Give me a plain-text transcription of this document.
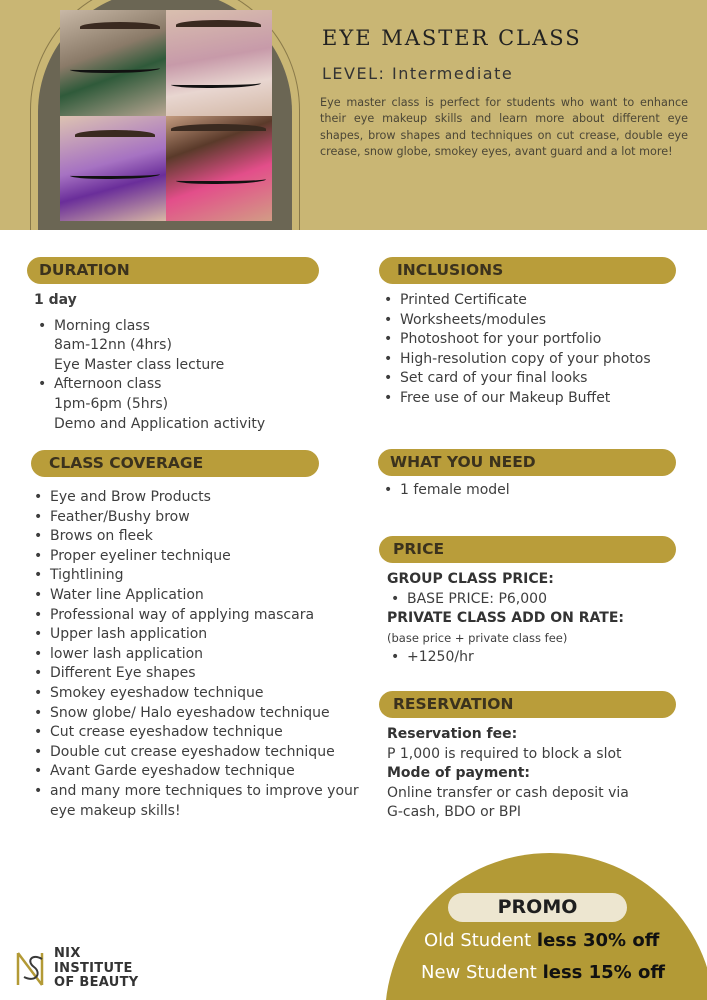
EYE MASTER CLASS
LEVEL: Intermediate
Eye master class is perfect for students who want to enhance their eye makeup skills and learn more about different eye shapes, brow shapes and techniques on cut crease, double eye crease, snow globe, smokey eyes, avant guard and a lot more!
DURATION
1 day
• Morning class
8am-12nn (4hrs)
Eye Master class lecture
• Afternoon class
1pm-6pm (5hrs)
Demo and Application activity
CLASS COVERAGE
• Eye and Brow Products
• Feather/Bushy brow
• Brows on fleek
• Proper eyeliner technique
• Tightlining
• Water line Application
• Professional way of applying mascara
• Upper lash application
• lower lash application
• Different Eye shapes
• Smokey eyeshadow technique
• Snow globe/ Halo eyeshadow technique
• Cut crease eyeshadow technique
• Double cut crease eyeshadow technique
• Avant Garde eyeshadow technique
• and many more techniques to improve your
eye makeup skills!
INCLUSIONS
• Printed Certificate
• Worksheets/modules
• Photoshoot for your portfolio
• High-resolution copy of your photos
• Set card of your final looks
• Free use of our Makeup Buffet
WHAT YOU NEED
• 1 female model
PRICE
GROUP CLASS PRICE:
• BASE PRICE: P6,000
PRIVATE CLASS ADD ON RATE:
(base price + private class fee)
• +1250/hr
RESERVATION
Reservation fee:
P 1,000 is required to block a slot
Mode of payment:
Online transfer or cash deposit via
G-cash, BDO or BPI
PROMO
Old Student less 30% off
New Student less 15% off
NIX
INSTITUTE
OF BEAUTY
